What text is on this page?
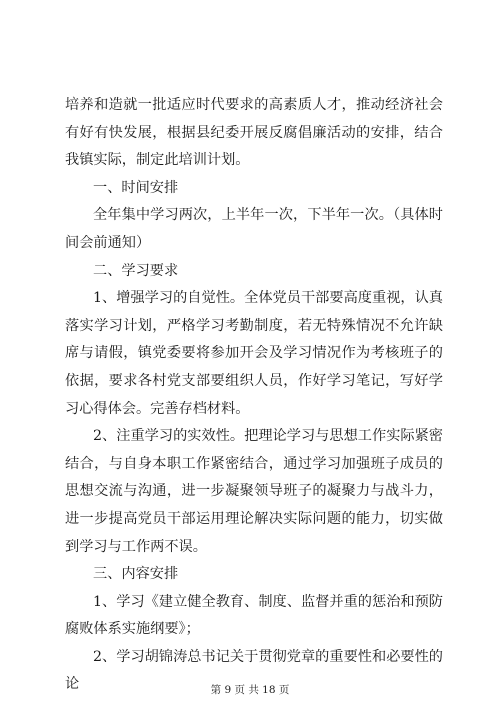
培养和造就一批适应时代要求的高素质人才，推动经济社会有好有快发展，根据县纪委开展反腐倡廉活动的安排，结合我镇实际，制定此培训计划。

一、时间安排

全年集中学习两次，上半年一次，下半年一次。（具体时间会前通知）

二、学习要求

1、增强学习的自觉性。全体党员干部要高度重视，认真落实学习计划，严格学习考勤制度，若无特殊情况不允许缺席与请假，镇党委要将参加开会及学习情况作为考核班子的依据，要求各村党支部要组织人员，作好学习笔记，写好学习心得体会。完善存档材料。

2、注重学习的实效性。把理论学习与思想工作实际紧密结合，与自身本职工作紧密结合，通过学习加强班子成员的思想交流与沟通，进一步凝聚领导班子的凝聚力与战斗力，进一步提高党员干部运用理论解决实际问题的能力，切实做到学习与工作两不误。

三、内容安排

1、学习《建立健全教育、制度、监督并重的惩治和预防腐败体系实施纲要》；

2、学习胡锦涛总书记关于贯彻党章的重要性和必要性的论	第 9 页 共 18 页
